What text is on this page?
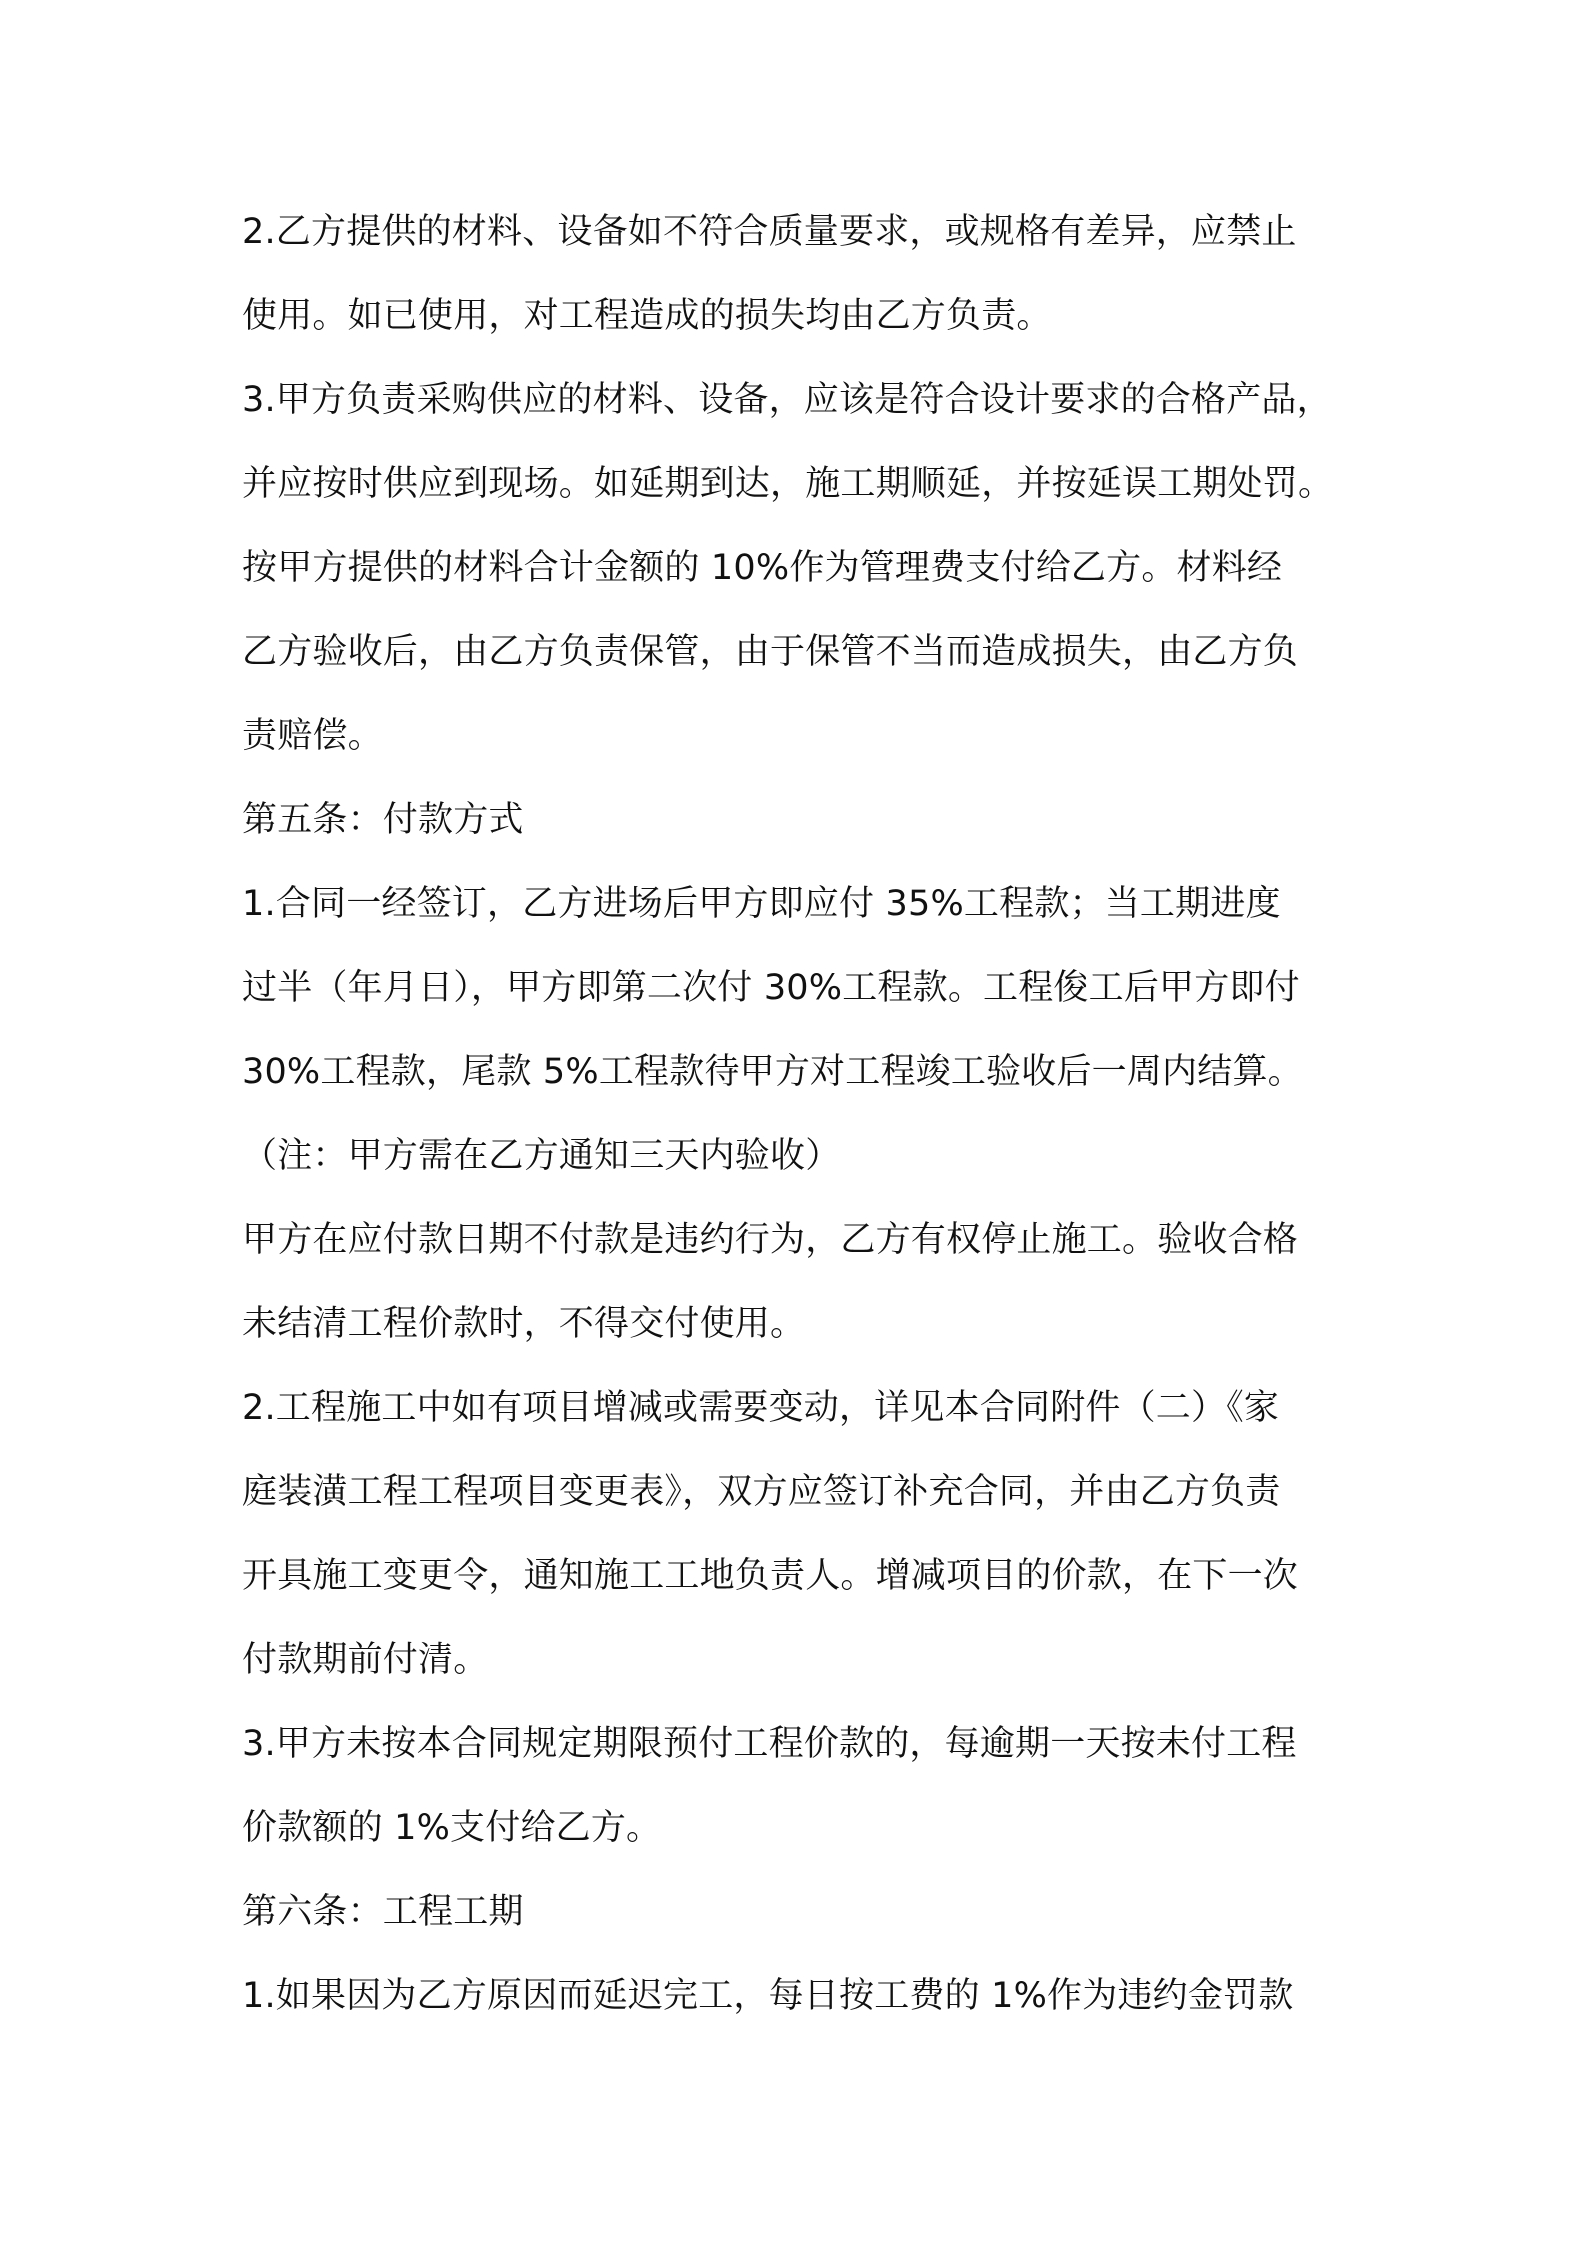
2.乙方提供的材料、设备如不符合质量要求，或规格有差异，应禁止
使用。如已使用，对工程造成的损失均由乙方负责。
3.甲方负责采购供应的材料、设备，应该是符合设计要求的合格产品，
并应按时供应到现场。如延期到达，施工期顺延，并按延误工期处罚。
按甲方提供的材料合计金额的 10%作为管理费支付给乙方。材料经
乙方验收后，由乙方负责保管，由于保管不当而造成损失，由乙方负
责赔偿。
第五条：付款方式
1.合同一经签订，乙方进场后甲方即应付 35%工程款；当工期进度
过半（年月日），甲方即第二次付 30%工程款。工程俊工后甲方即付
30%工程款，尾款 5%工程款待甲方对工程竣工验收后一周内结算。
（注：甲方需在乙方通知三天内验收）
甲方在应付款日期不付款是违约行为，乙方有权停止施工。验收合格
未结清工程价款时，不得交付使用。
2.工程施工中如有项目增减或需要变动，详见本合同附件（二）《家
庭装潢工程工程项目变更表》，双方应签订补充合同，并由乙方负责
开具施工变更令，通知施工工地负责人。增减项目的价款，在下一次
付款期前付清。
3.甲方未按本合同规定期限预付工程价款的，每逾期一天按未付工程
价款额的 1%支付给乙方。
第六条：工程工期
1.如果因为乙方原因而延迟完工，每日按工费的 1%作为违约金罚款
